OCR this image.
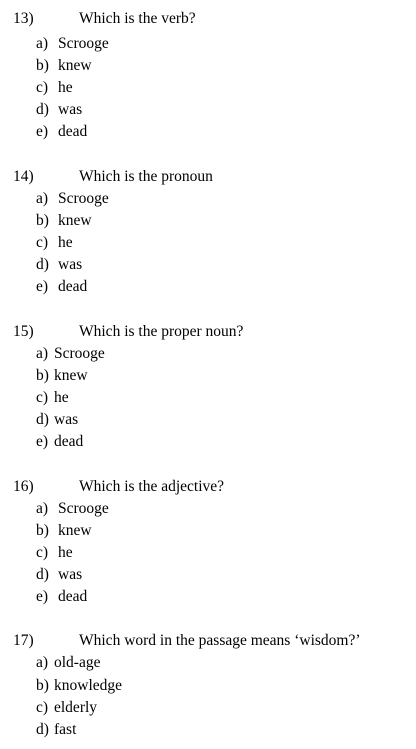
13)	Which is the verb?
a) Scrooge
b) knew
c) he
d) was
e) dead
14)	Which is the pronoun
a) Scrooge
b) knew
c) he
d) was
e) dead
15)	Which is the proper noun?
a) Scrooge
b) knew
c) he
d) was
e) dead
16)	Which is the adjective?
a) Scrooge
b) knew
c) he
d) was
e) dead
17)	Which word in the passage means ‘wisdom?’
a) old-age
b) knowledge
c) elderly
d) fast
